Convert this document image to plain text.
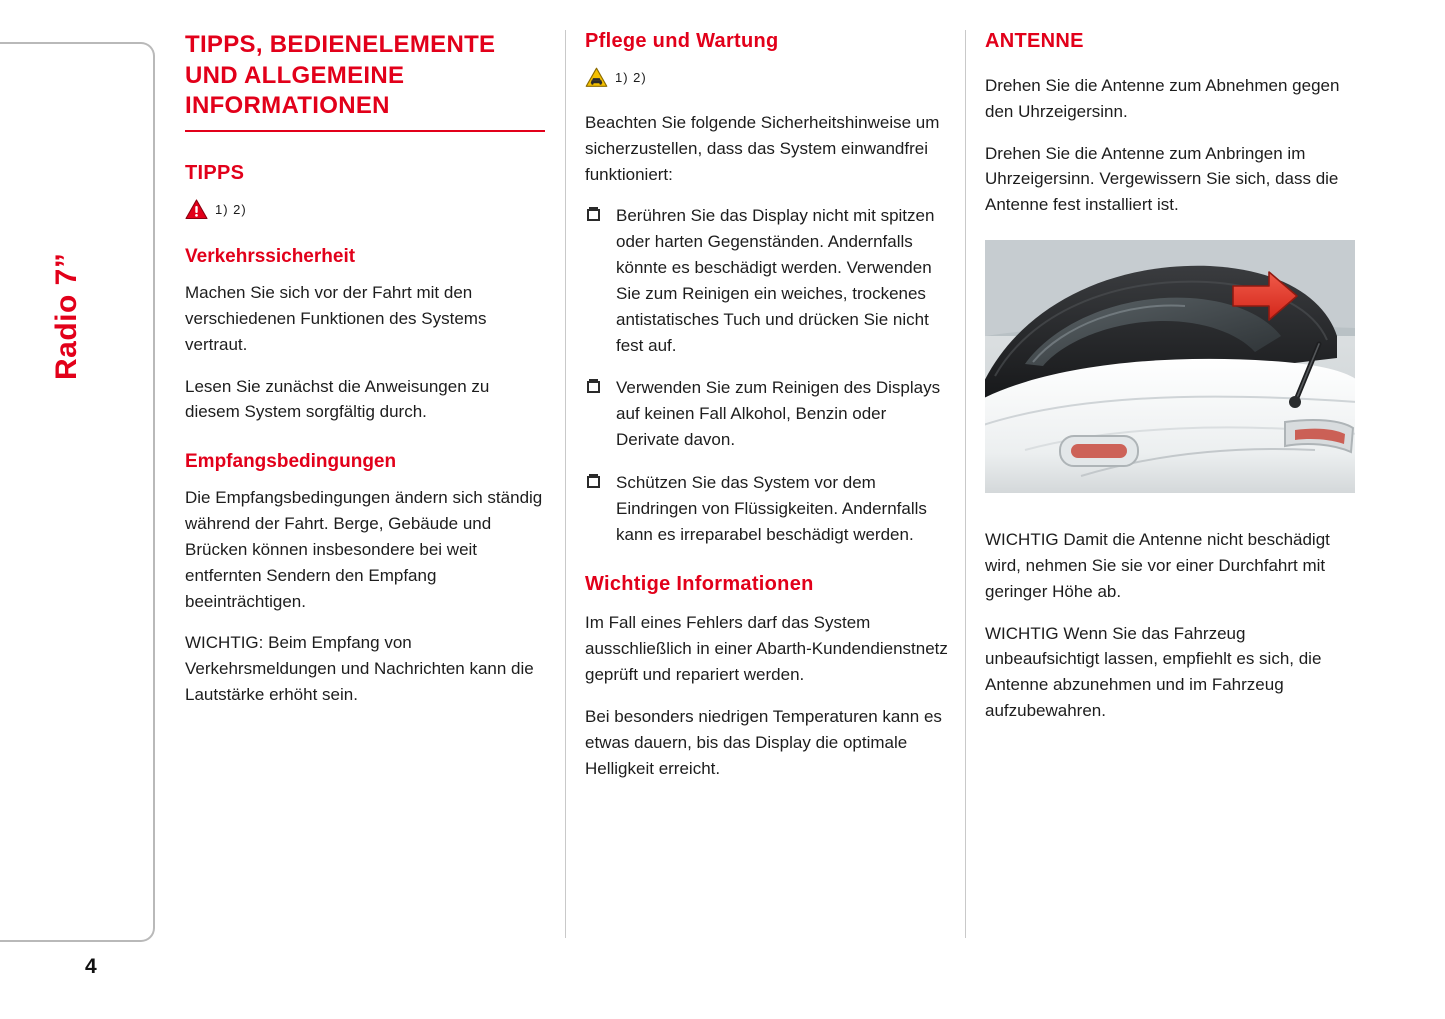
Radio 7”
4
TIPPS, BEDIENELEMENTE UND ALLGEMEINE INFORMATIONEN
TIPPS
1) 2)
Verkehrssicherheit

Machen Sie sich vor der Fahrt mit den verschiedenen Funktionen des Systems vertraut.

Lesen Sie zunächst die Anweisungen zu diesem System sorgfältig durch.

Empfangsbedingungen

Die Empfangsbedingungen ändern sich ständig während der Fahrt. Berge, Gebäude und Brücken können insbesondere bei weit entfernten Sendern den Empfang beeinträchtigen.

WICHTIG: Beim Empfang von Verkehrsmeldungen und Nachrichten kann die Lautstärke erhöht sein.

Pflege und Wartung
1) 2)

Beachten Sie folgende Sicherheitshinweise um sicherzustellen, dass das System einwandfrei funktioniert:

Berühren Sie das Display nicht mit spitzen oder harten Gegenständen. Andernfalls könnte es beschädigt werden. Verwenden Sie zum Reinigen ein weiches, trockenes antistatisches Tuch und drücken Sie nicht fest auf.
Verwenden Sie zum Reinigen des Displays auf keinen Fall Alkohol, Benzin oder Derivate davon.
Schützen Sie das System vor dem Eindringen von Flüssigkeiten. Andernfalls kann es irreparabel beschädigt werden.
Wichtige Informationen

Im Fall eines Fehlers darf das System ausschließlich in einer Abarth-Kundendienstnetz geprüft und repariert werden.

Bei besonders niedrigen Temperaturen kann es etwas dauern, bis das Display die optimale Helligkeit erreicht.

ANTENNE

Drehen Sie die Antenne zum Abnehmen gegen den Uhrzeigersinn.

Drehen Sie die Antenne zum Anbringen im Uhrzeigersinn. Vergewissern Sie sich, dass die Antenne fest installiert ist.

WICHTIG Damit die Antenne nicht beschädigt wird, nehmen Sie sie vor einer Durchfahrt mit geringer Höhe ab.

WICHTIG Wenn Sie das Fahrzeug unbeaufsichtigt lassen, empfiehlt es sich, die Antenne abzunehmen und im Fahrzeug aufzubewahren.
